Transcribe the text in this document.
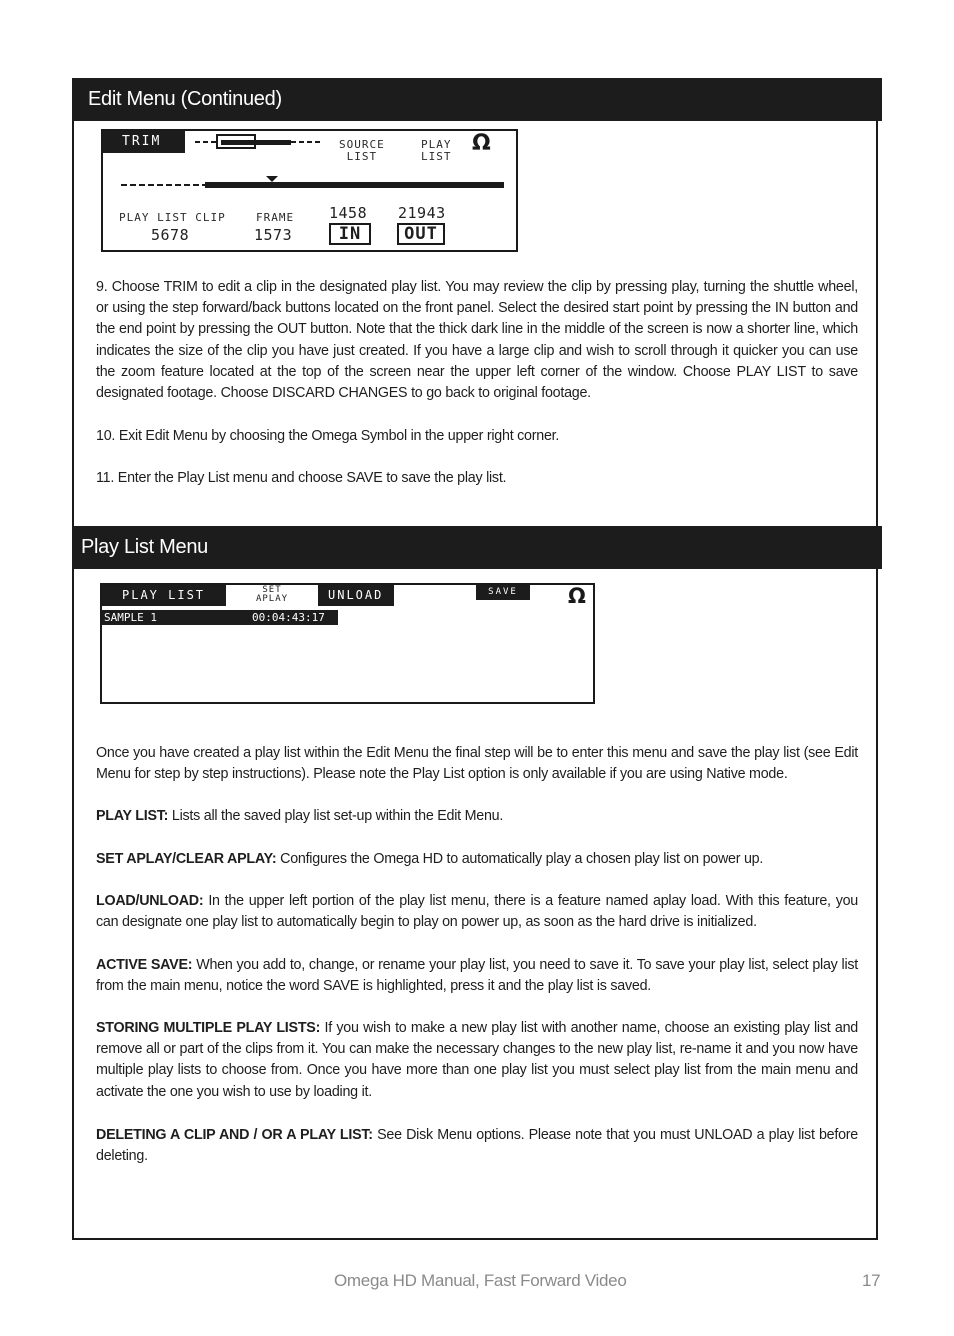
Edit Menu (Continued)
TRIM	SOURCE
LIST
PLAY
LIST
Ω
PLAY LIST CLIP
5678
FRAME
1573
1458
IN
21943
OUT
9. Choose TRIM to edit a clip in the designated play list. You may review the clip by pressing play, turning the shuttle wheel, or using the step forward/back buttons located on the front panel. Select the desired start point by pressing the IN button and the end point by pressing the OUT button. Note that the thick dark line in the middle of the screen is now a shorter line, which indicates the size of the clip you have just created. If you have a large clip and wish to scroll through it quicker you can use the zoom feature located at the top of the screen near the upper left corner of the window. Choose PLAY LIST to save designated footage. Choose DISCARD CHANGES to go back to original footage.
10. Exit Edit Menu by choosing the Omega Symbol in the upper right corner.
11. Enter the Play List menu and choose SAVE to save the play list.
Play List Menu
PLAY LIST	SET
APLAY	UNLOAD	SAVE	Ω
SAMPLE 1	00:04:43:17
Once you have created a play list within the Edit Menu the final step will be to enter this menu and save the play list (see Edit Menu for step by step instructions). Please note the Play List option is only available if you are using Native mode.
PLAY LIST: Lists all the saved play list set-up within the Edit Menu.
SET APLAY/CLEAR APLAY: Configures the Omega HD to automatically play a chosen play list on power up.
LOAD/UNLOAD: In the upper left portion of the play list menu, there is a feature named aplay load. With this feature, you can designate one play list to automatically begin to play on power up, as soon as the hard drive is initialized.
ACTIVE SAVE: When you add to, change, or rename your play list, you need to save it. To save your play list, select play list from the main menu, notice the word SAVE is highlighted, press it and the play list is saved.
STORING MULTIPLE PLAY LISTS: If you wish to make a new play list with another name, choose an existing play list and remove all or part of the clips from it. You can make the necessary changes to the new play list, re-name it and you now have multiple play lists to choose from. Once you have more than one play list you must select play list from the main menu and activate the one you wish to use by loading it.
DELETING A CLIP AND / OR A PLAY LIST: See Disk Menu options. Please note that you must UNLOAD a play list before deleting.
Omega HD Manual, Fast Forward Video	17
